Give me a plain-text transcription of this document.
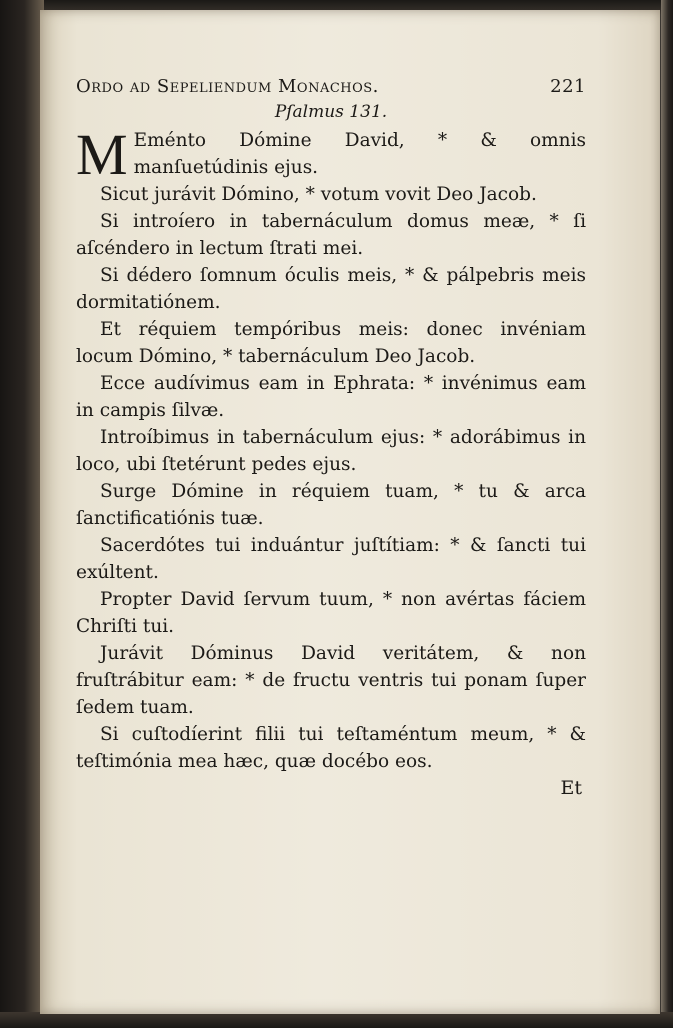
Ordo ad Sepeliendum Monachos.	221
Pſalmus 131.

M Eménto Dómine David, * & omnis manſuetúdinis ejus.

Sicut jurávit Dómino, * votum vovit Deo Jacob.

Si introíero in tabernáculum domus meæ, * ſi aſcéndero in lectum ſtrati mei.

Si dédero ſomnum óculis meis, * & pálpebris meis dormitatiónem.

Et réquiem tempóribus meis: donec invéniam locum Dómino, * tabernáculum Deo Jacob.

Ecce audívimus eam in Ephrata: * invénimus eam in campis ſilvæ.

Introíbimus in tabernáculum ejus: * adorábimus in loco, ubi ſtetérunt pedes ejus.

Surge Dómine in réquiem tuam, * tu & arca ſanctificatiónis tuæ.

Sacerdótes tui induántur juſtítiam: * & ſancti tui exúltent.

Propter David ſervum tuum, * non avértas fáciem Chriſti tui.

Jurávit Dóminus David veritátem, & non fruſtrábitur eam: * de fructu ventris tui ponam ſuper ſedem tuam.

Si cuſtodíerint filii tui teſtaméntum meum, * & teſtimónia mea hæc, quæ docébo eos.

Et
